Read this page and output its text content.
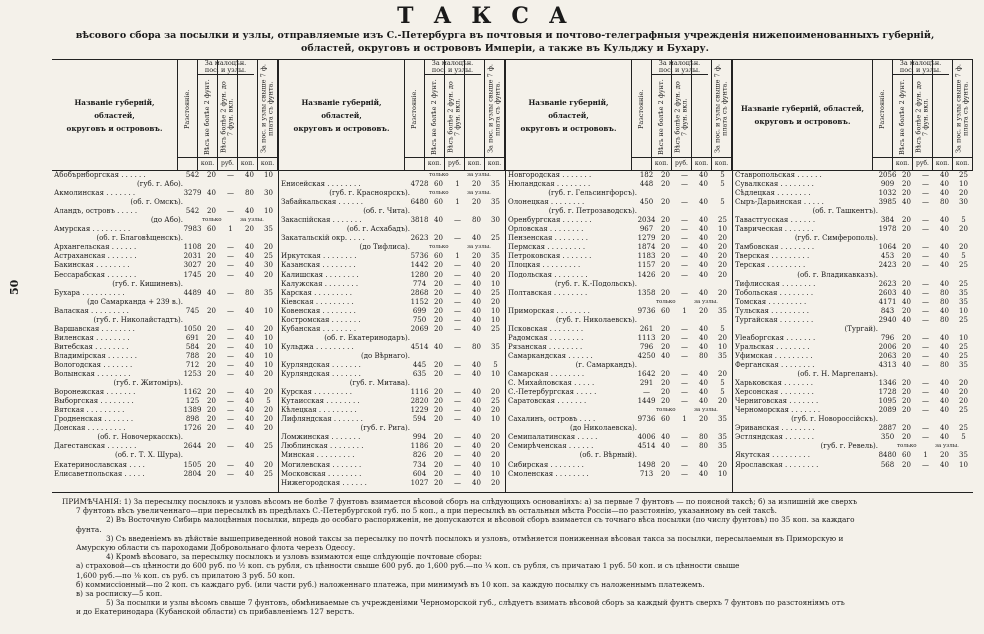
50
ТАКСА
вѣсового сбора за посылки и узлы, отправляемые изъ С.-Петербурга въ почтовыя и почтово-телеграфныя учрежденія нижепоименованныхъ губерній,
областей, округовъ и острововъ Имперіи, а также въ Кульджу и Бухару.
Названіе губерній, областей,
округовъ и острововъ.	Разстояніе.	Вѣсъ не болѣе 2 фунт.
коп.
Вѣсъ болѣе 2 фун. до 7 фун. вкл.
руб.	коп.
За пос. и узлы свыше 7 ф. плата съ фунта.
коп.
За малоцѣн. пос. и узлы.
Абобърнборгская . . . . . .	542	20	—	40	10
(губ. г. Або).
Акмолинская . . . . . . .	3279 40	—	80	30
(об. г. Омскъ).
Аландъ, островъ . . . . .	542	20	—	40	10
(до Або).	только	за узлы.
Амурская . . . . . . . . .	7983 60	1	20	35
(об. г. Благовѣщенскъ).
Архангельская . . . . . .	1108 20	—	40	20
Астраханская . . . . . . .	2031 20	—	40	25
Бакинская . . . . . . . .	3027 20	—	40	30
Бессарабская . . . . . . .	1745 20	—	40	20
(губ. г. Кишиневъ).
Бухара . . . . . . . . . .	4489 40	—	80	35
(до Самарканда + 239 в.).
Валаская . . . . . . . . .	745	20	—	40	10
(губ. г. Николайстадтъ).
Варшавская . . . . . . . .	1050 20	—	40	20
Виленская . . . . . . . .	691	20	—	40	10
Витебская . . . . . . . .	584	20	—	40	10
Владимірская . . . . . . .	788	20	—	40	10
Вологодская . . . . . . .	712	20	—	40	10
Волынская . . . . . . . .	1253 20	—	40	20
(губ. г. Житоміръ).
Воронежская . . . . . . .	1162 20	—	40	20
Выборгская . . . . . . . .	125	20	—	40	5
Вятская . . . . . . . . .	1389 20	—	40	20
Гродненская . . . . . . .	898	20	—	40	20
Донская . . . . . . . . .	1726 20	—	40	20
(об. г. Новочеркасскъ).
Дагестанская . . . . . . .	2644 20	—	40	25
(об. г. Т. Х. Шура).
Екатеринославская . . . .	1505 20	—	40	20
Елисаветпольская . . . . .	2804 20	—	40	25
Названіе губерній, областей,
округовъ и острововъ.	Разстояніе.	Вѣсъ не болѣе 2 фунт.
коп.
Вѣсъ болѣе 2 фун. до 7 фун. вкл.
руб.	коп.
За пос. и узлы свыше 7 ф. плата съ фунта.
коп.
За малоцѣн. пос. и узлы.
только	за узлы.
Енисейская . . . . . . . .	4728 60	1	20	35
(губ. г. Красноярскъ).	только	за узлы.
Забайкальская . . . . . .	6480 60	1	20	35
(об. г. Чита).
Закаспійская . . . . . . .	3818 40	—	80	30
(об. г. Асхабадъ).
Закатальскій окр. . . . .	2623 20	—	40	25
(до Тифлиса).	только	за узлы.
Иркутская . . . . . . . .	5736 60	1	20	35
Казанская . . . . . . . .	1442 20	—	40	20
Калишская . . . . . . . .	1280 20	—	40	20
Калужская . . . . . . . .	774	20	—	40	10
Карская . . . . . . . . .	2868 20	—	40	25
Кіевская . . . . . . . . .	1152 20	—	40	20
Ковенская . . . . . . . .	699	20	—	40	10
Костромская . . . . . . .	750	20	—	40	10
Кубанская . . . . . . . .	2069 20	—	40	25
(об. г. Екатеринодаръ).
Кульджа . . . . . . . . .	4514 40	—	80	35
(до Вѣрнаго).
Курляндская . . . . . . .	445	20	—	40	5
Курляндская . . . . . . .	635	20	—	40	10
(губ. г. Митава).
Курская . . . . . . . . .	1116 20	—	40	20
Кутаисская . . . . . . . .	2820 20	—	40	25
Кѣлецкая . . . . . . . . .	1229 20	—	40	20
Лифляндская . . . . . . .	594	20	—	40	10
(губ. г. Рига).
Ломжинская . . . . . . .	994	20	—	40	20
Люблинская . . . . . . . .	1186 20	—	40	20
Минская . . . . . . . . .	826	20	—	40	20
Могилевская . . . . . . .	734	20	—	40	10
Московская . . . . . . . .	604	20	—	40	10
Нижегородская . . . . . .	1027 20	—	40	20
Названіе губерній, областей,
округовъ и острововъ.	Разстояніе.	Вѣсъ не болѣе 2 фунт.
коп.
Вѣсъ болѣе 2 фун. до 7 фун. вкл.
руб.	коп.
За пос. и узлы свыше 7 ф. плата съ фунта.
коп.
За малоцѣн. пос. и узлы.
Новгородская . . . . . . .	182	20	—	40	5
Нюландская . . . . . . . .	448	20	—	40	5
(губ. г. Гельсингфорсъ).
Олонецкая . . . . . . . .	450	20	—	40	5
(губ. г. Петрозаводскъ).
Оренбургская . . . . . . .	2034 20	—	40	25
Орловская . . . . . . . .	967	20	—	40	10
Пензенская . . . . . . . .	1279 20	—	40	20
Пермская . . . . . . . . .	1874 20	—	40	20
Петроковская . . . . . . .	1183 20	—	40	20
Плоцкая . . . . . . . . .	1157 20	—	40	20
Подольская . . . . . . . .	1426 20	—	40	20
(губ. г. К.-Подольскъ).
Полтавская . . . . . . . .	1358 20	—	40	20
только	за узлы.
Приморская . . . . . . . .	9736 60	1	20	35
(губ. г. Николаевскъ).
Псковская . . . . . . . .	261	20	—	40	5
Радомская . . . . . . . .	1113 20	—	40	20
Рязанская . . . . . . . .	796	20	—	40	10
Самаркандская . . . . . .	4250 40	—	80	35
(г. Самаркандъ).
Самарская . . . . . . . .	1642 20	—	40	20
С. Михайловская . . . . .	291	20	—	40	5
С.-Петербургская . . . . .	—	20	—	40	5
Саратовская . . . . . . .	1449 20	—	40	20
только	за узлы.
Сахалинъ, островъ . . . .	9736 60	1	20	35
(до Николаевска).
Семипалатинская . . . . .	4006 40	—	80	35
Семирѣченская . . . . . .	4514 40	—	80	35
(об. г. Вѣрный).
Сибирская . . . . . . . .	1498 20	—	40	20
Смоленская . . . . . . . .	713	20	—	40	10
Названіе губерній, областей,
округовъ и острововъ.	Разстояніе.	Вѣсъ не болѣе 2 фунт.
коп.
Вѣсъ болѣе 2 фун. до 7 фун. вкл.
руб.	коп.
За пос. и узлы свыше 7 ф. плата съ фунта.
коп.
За малоцѣн. пос. и узлы.
Ставропольская . . . . . .	2056 20	—	40	25
Сувалкская . . . . . . . .	909	20	—	40	10
Сѣдлецкая . . . . . . . .	1032 20	—	40	20
Сыръ-Дарьинская . . . . .	3985 40	—	80	30
(об. г. Ташкентъ).
Тавастгусская . . . . . .	384	20	—	40	5
Таврическая . . . . . . .	1978 20	—	40	20
(губ. г. Симферополь).
Тамбовская . . . . . . . .	1064 20	—	40	20
Тверская . . . . . . . . .	453	20	—	40	5
Терская . . . . . . . . .	2423 20	—	40	25
(об. г. Владикавказъ).
Тифлисская . . . . . . . .	2623 20	—	40	25
Тобольская . . . . . . . .	2603 40	—	80	35
Томская . . . . . . . . .	4171 40	—	80	35
Тульская . . . . . . . . .	843	20	—	40	10
Тургайская . . . . . . . .	2940 40	—	80	25
(Тургай).
Уleaборгская . . . . . . .	796	20	—	40	10
Уральская . . . . . . . .	2006 20	—	40	25
Уфимская . . . . . . . . .	2063 20	—	40	25
Ферганская . . . . . . . .	4313 40	—	80	35
(об. г. Н. Маргеланъ).
Харьковская . . . . . . .	1346 20	—	40	20
Херсонская . . . . . . . .	1728 20	—	40	20
Черниговская . . . . . . .	1095 20	—	40	20
Черноморская . . . . . . .	2089 20	—	40	25
(губ. г. Новороссійскъ).
Эриванская . . . . . . . .	2887 20	—	40	25
Эстляндская . . . . . . .	350	20	—	40	5
(губ. г. Ревель).	только	за узлы.
Якутская . . . . . . . . .	8480 60	1	20	35
Ярославская . . . . . . . .	568	20	—	40	10
ПРИМѢЧАНІЯ: 1) За пересылку посылокъ и узловъ вѣсомъ не болѣе 7 фунтовъ взимается вѣсовой сборъ на слѣдующихъ основаніяхъ: а) за первые 7 фунтовъ — по поясной таксѣ; б) за излишній же сверхъ
7 фунтовъ вѣсъ увеличеннаго—при пересылкѣ въ предѣлахъ С.-Петербургской губ. по 5 коп., а при пересылкѣ въ остальныя мѣста Россіи—по разстоянію, указанному въ сей таксѣ.
2) Въ Восточную Сибирь малоцѣнныя посылки, впредь до особаго распоряженія, не допускаются и вѣсовой сборъ взимается съ точнаго вѣса посылки (по числу фунтовъ) по 35 коп. за каждаго
фунта.
3) Съ введеніемъ въ дѣйствіе вышеприведенной новой таксы за пересылку по почтѣ посылокъ и узловъ, отмѣняется пониженная вѣсовая такса за посылки, пересылаемыя въ Приморскую и
Амурскую области съ пароходами Добровольнаго флота черезъ Одессу.
4) Кромѣ вѣсоваго, за пересылку посылокъ и узловъ взимаются еще слѣдующіе почтовые сборы:
а) страховой—съ цѣнности до 600 руб. по ½ коп. съ рубля, съ цѣнности свыше 600 руб. до 1,600 руб.—по ¼ коп. съ рубля, съ причатаю 1 руб. 50 коп. и съ цѣнности свыше
1,600 руб.—по ⅛ коп. съ руб. съ прилатою 3 руб. 50 коп.
б) коммиссіонный—по 2 коп. съ каждаго руб. (или части руб.) наложеннаго платежа, при минимумѣ въ 10 коп. за каждую посылку съ наложеннымъ платежемъ.
в) за роспиcку—5 коп.
5) За посылки и узлы вѣсомъ свыше 7 фунтовъ, обмѣниваемые съ учрежденіями Черноморской губ., слѣдуетъ взимать вѣсовой сборъ за каждый фунтъ сверхъ 7 фунтовъ по разстояніямъ отъ
и до Екатеринодара (Кубанской области) съ прибавленіемъ 127 верстъ.
